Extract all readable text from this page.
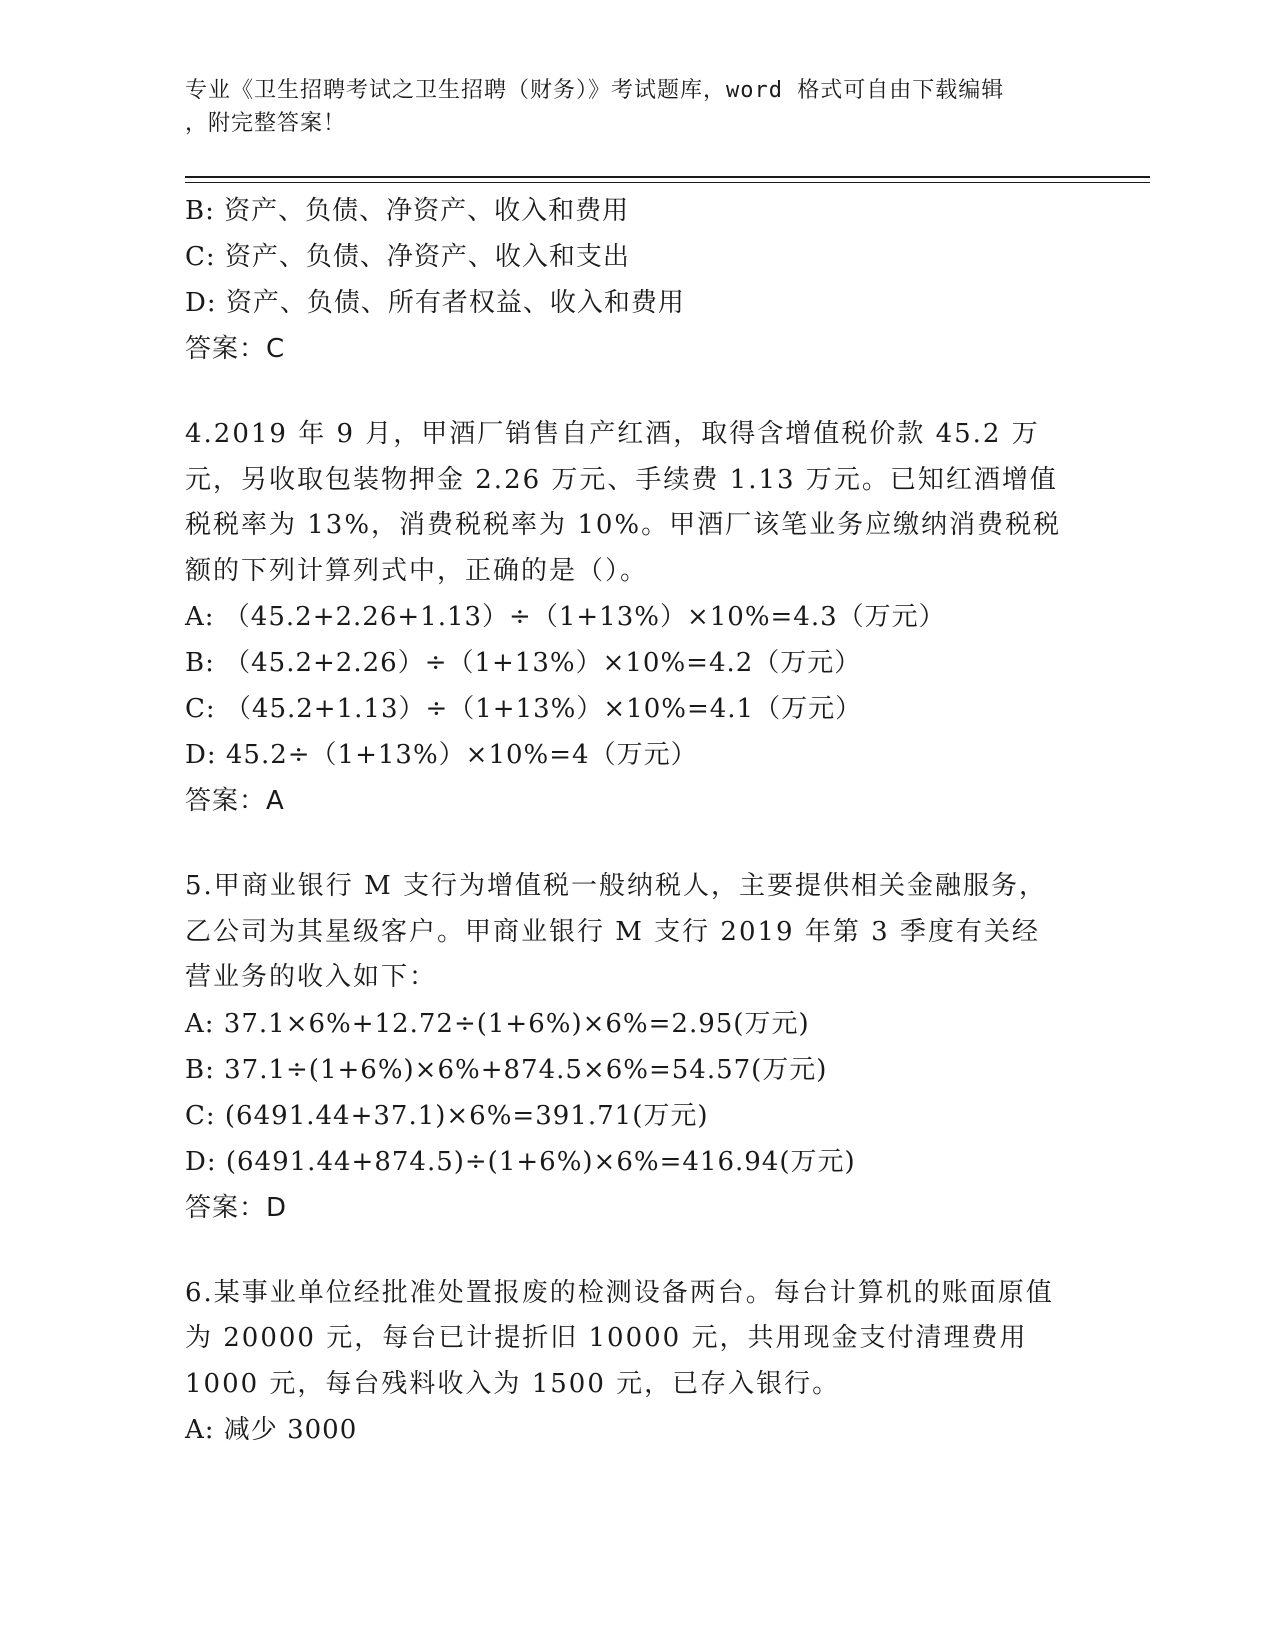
专业《卫生招聘考试之卫生招聘（财务）》考试题库，word 格式可自由下载编辑
，附完整答案！
B: 资产、负债、净资产、收入和费用
C: 资产、负债、净资产、收入和支出
D: 资产、负债、所有者权益、收入和费用
答案：C
4.2019 年 9 月，甲酒厂销售自产红酒，取得含增值税价款 45.2 万元，另收取包装物押金 2.26 万元、手续费 1.13 万元。已知红酒增值税税率为 13%，消费税税率为 10%。甲酒厂该笔业务应缴纳消费税税额的下列计算列式中，正确的是（）。
A: （45.2+2.26+1.13）÷（1+13%）×10%=4.3（万元）
B: （45.2+2.26）÷（1+13%）×10%=4.2（万元）
C: （45.2+1.13）÷（1+13%）×10%=4.1（万元）
D: 45.2÷（1+13%）×10%=4（万元）
答案：A
5.甲商业银行 M 支行为增值税一般纳税人，主要提供相关金融服务，乙公司为其星级客户。甲商业银行 M 支行 2019 年第 3 季度有关经营业务的收入如下：
A: 37.1×6%+12.72÷(1+6%)×6%=2.95(万元)
B: 37.1÷(1+6%)×6%+874.5×6%=54.57(万元)
C: (6491.44+37.1)×6%=391.71(万元)
D: (6491.44+874.5)÷(1+6%)×6%=416.94(万元)
答案：D
6.某事业单位经批准处置报废的检测设备两台。每台计算机的账面原值为 20000 元，每台已计提折旧 10000 元，共用现金支付清理费用 1000 元，每台残料收入为 1500 元，已存入银行。
A: 减少 3000
